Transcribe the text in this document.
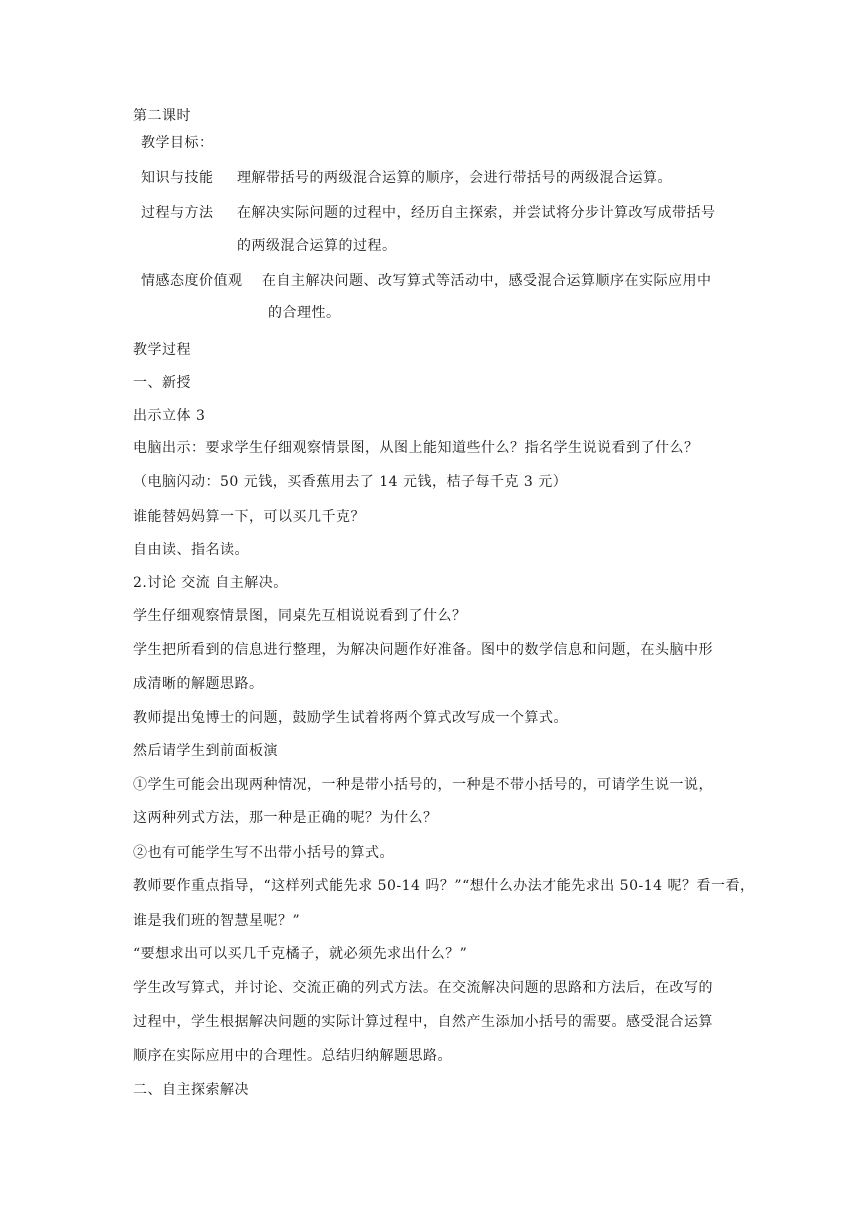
第二课时
教学目标：
知识与技能 理解带括号的两级混合运算的顺序，会进行带括号的两级混合运算。
过程与方法 在解决实际问题的过程中，经历自主探索，并尝试将分步计算改写成带括号
的两级混合运算的过程。
情感态度价值观 在自主解决问题、改写算式等活动中，感受混合运算顺序在实际应用中
的合理性。
教学过程
一、新授
出示立体 3
电脑出示：要求学生仔细观察情景图，从图上能知道些什么？指名学生说说看到了什么？
（电脑闪动：50 元钱，买香蕉用去了 14 元钱，桔子每千克 3 元）
谁能替妈妈算一下，可以买几千克？
自由读、指名读。
2.讨论 交流 自主解决。
学生仔细观察情景图，同桌先互相说说看到了什么？
学生把所看到的信息进行整理，为解决问题作好准备。图中的数学信息和问题，在头脑中形
成清晰的解题思路。
教师提出兔博士的问题，鼓励学生试着将两个算式改写成一个算式。
然后请学生到前面板演
①学生可能会出现两种情况，一种是带小括号的，一种是不带小括号的，可请学生说一说，
这两种列式方法，那一种是正确的呢？为什么？
②也有可能学生写不出带小括号的算式。
教师要作重点指导，“这样列式能先求 50-14 吗？”“想什么办法才能先求出 50-14 呢？看一看，
谁是我们班的智慧星呢？”
“要想求出可以买几千克橘子，就必须先求出什么？”
学生改写算式，并讨论、交流正确的列式方法。在交流解决问题的思路和方法后，在改写的
过程中，学生根据解决问题的实际计算过程中，自然产生添加小括号的需要。感受混合运算
顺序在实际应用中的合理性。总结归纳解题思路。
二、自主探索解决
